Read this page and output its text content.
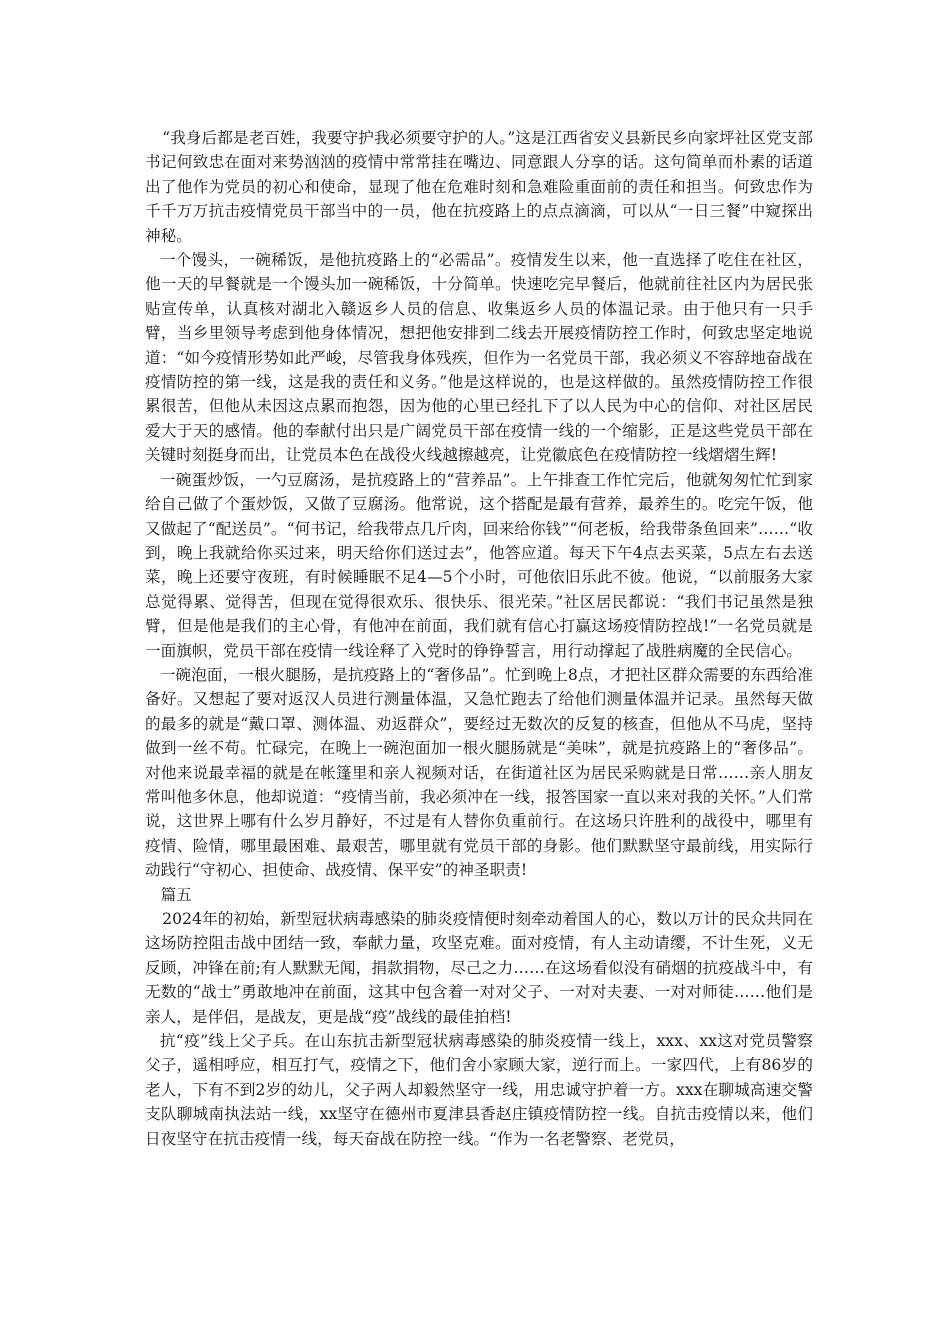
“我身后都是老百姓，我要守护我必须要守护的人。”这是江西省安义县新民乡向家坪社区党支部书记何致忠在面对来势汹汹的疫情中常常挂在嘴边、同意跟人分享的话。这句简单而朴素的话道出了他作为党员的初心和使命，显现了他在危难时刻和急难险重面前的责任和担当。何致忠作为千千万万抗击疫情党员干部当中的一员，他在抗疫路上的点点滴滴，可以从“一日三餐”中窥探出神秘。

一个馒头，一碗稀饭，是他抗疫路上的“必需品”。疫情发生以来，他一直选择了吃住在社区，他一天的早餐就是一个馒头加一碗稀饭，十分简单。快速吃完早餐后，他就前往社区内为居民张贴宣传单，认真核对湖北入赣返乡人员的信息、收集返乡人员的体温记录。由于他只有一只手臂，当乡里领导考虑到他身体情况，想把他安排到二线去开展疫情防控工作时，何致忠坚定地说道：“如今疫情形势如此严峻，尽管我身体残疾，但作为一名党员干部，我必须义不容辞地奋战在疫情防控的第一线，这是我的责任和义务。”他是这样说的，也是这样做的。虽然疫情防控工作很累很苦，但他从未因这点累而抱怨，因为他的心里已经扎下了以人民为中心的信仰、对社区居民爱大于天的感情。他的奉献付出只是广阔党员干部在疫情一线的一个缩影，正是这些党员干部在关键时刻挺身而出，让党员本色在战役火线越擦越亮，让党徽底色在疫情防控一线熠熠生辉!

一碗蛋炒饭，一勺豆腐汤，是抗疫路上的“营养品”。上午排查工作忙完后，他就匆匆忙忙到家给自己做了个蛋炒饭，又做了豆腐汤。他常说，这个搭配是最有营养，最养生的。吃完午饭，他又做起了“配送员”。“何书记，给我带点几斤肉，回来给你钱”“何老板，给我带条鱼回来”……“收到，晚上我就给你买过来，明天给你们送过去”，他答应道。每天下午4点去买菜，5点左右去送菜，晚上还要守夜班，有时候睡眠不足4—5个小时，可他依旧乐此不彼。他说，“以前服务大家总觉得累、觉得苦，但现在觉得很欢乐、很快乐、很光荣。”社区居民都说：“我们书记虽然是独臂，但是他是我们的主心骨，有他冲在前面，我们就有信心打赢这场疫情防控战!”一名党员就是一面旗帜，党员干部在疫情一线诠释了入党时的铮铮誓言，用行动撑起了战胜病魔的全民信心。

一碗泡面，一根火腿肠，是抗疫路上的“奢侈品”。忙到晚上8点，才把社区群众需要的东西给准备好。又想起了要对返汉人员进行测量体温，又急忙跑去了给他们测量体温并记录。虽然每天做的最多的就是“戴口罩、测体温、劝返群众”，要经过无数次的反复的核查，但他从不马虎，坚持做到一丝不苟。忙碌完，在晚上一碗泡面加一根火腿肠就是“美味”，就是抗疫路上的“奢侈品”。对他来说最幸福的就是在帐篷里和亲人视频对话，在街道社区为居民采购就是日常……亲人朋友常叫他多休息，他却说道：“疫情当前，我必须冲在一线，报答国家一直以来对我的关怀。”人们常说，这世界上哪有什么岁月静好，不过是有人替你负重前行。在这场只许胜利的战役中，哪里有疫情、险情，哪里最困难、最艰苦，哪里就有党员干部的身影。他们默默坚守最前线，用实际行动践行“守初心、担使命、战疫情、保平安”的神圣职责!

篇五

2024年的初始，新型冠状病毒感染的肺炎疫情便时刻牵动着国人的心，数以万计的民众共同在这场防控阻击战中团结一致，奉献力量，攻坚克难。面对疫情，有人主动请缨，不计生死，义无反顾，冲锋在前;有人默默无闻，捐款捐物，尽己之力……在这场看似没有硝烟的抗疫战斗中，有无数的“战士”勇敢地冲在前面，这其中包含着一对对父子、一对对夫妻、一对对师徒……他们是亲人，是伴侣，是战友，更是战“疫”战线的最佳拍档!

抗“疫”线上父子兵。在山东抗击新型冠状病毒感染的肺炎疫情一线上，xxx、xx这对党员警察父子，遥相呼应，相互打气，疫情之下，他们舍小家顾大家，逆行而上。一家四代，上有86岁的老人，下有不到2岁的幼儿，父子两人却毅然坚守一线，用忠诚守护着一方。xxx在聊城高速交警支队聊城南执法站一线，xx坚守在德州市夏津县香赵庄镇疫情防控一线。自抗击疫情以来，他们日夜坚守在抗击疫情一线，每天奋战在防控一线。“作为一名老警察、老党员，
